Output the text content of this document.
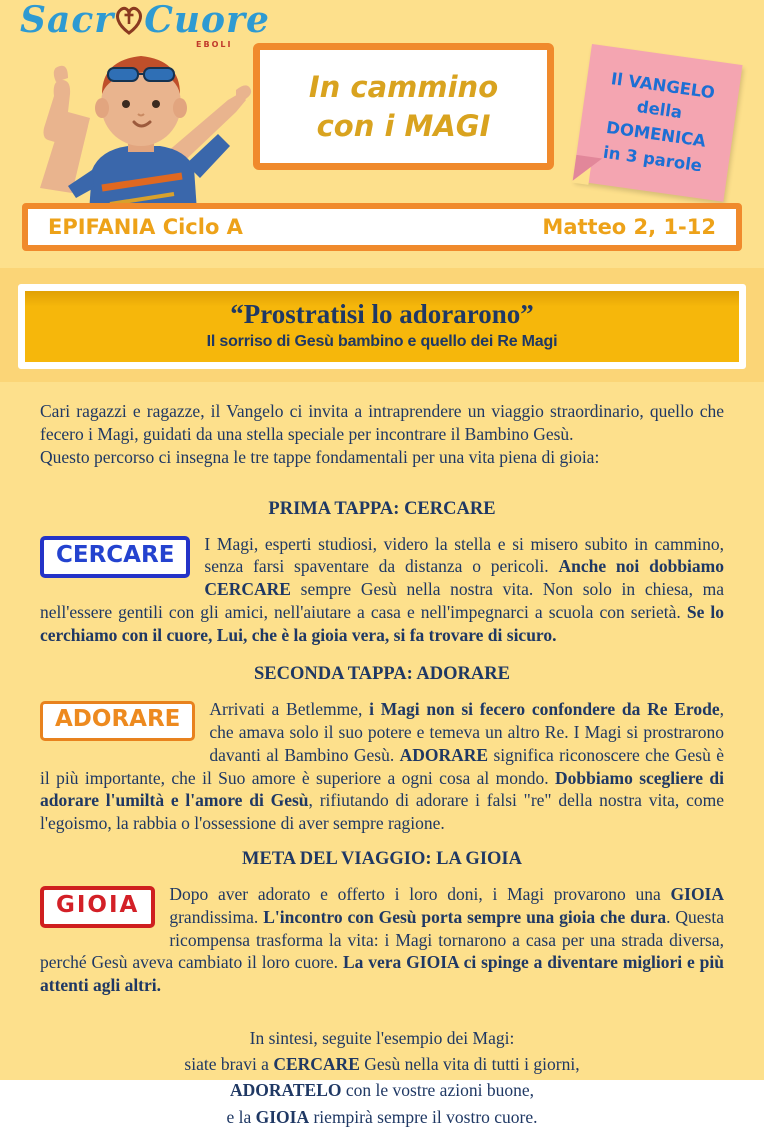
Sacr Cuore
EBOLI
In cammino
con i MAGI
Il VANGELO
della
DOMENICA
in 3 parole
EPIFANIA Ciclo A	Matteo 2, 1-12
“Prostratisi lo adorarono”
Il sorriso di Gesù bambino e quello dei Re Magi

Cari ragazzi e ragazze, il Vangelo ci invita a intraprendere un viaggio straordinario, quello che fecero i Magi, guidati da una stella speciale per incontrare il Bambino Gesù.

Questo percorso ci insegna le tre tappe fondamentali per una vita piena di gioia:

PRIMA TAPPA: CERCARE

CERCARE	I Magi, esperti studiosi, videro la stella e si misero subito in cammino, senza farsi spaventare da distanza o pericoli. Anche noi dobbiamo CERCARE sempre Gesù nella nostra vita. Non solo in chiesa, ma nell'essere gentili con gli amici, nell'aiutare a casa e nell'impegnarci a scuola con serietà. Se lo cerchiamo con il cuore, Lui, che è la gioia vera, si fa trovare di sicuro.

SECONDA TAPPA: ADORARE

ADORARE	Arrivati a Betlemme, i Magi non si fecero confondere da Re Erode, che amava solo il suo potere e temeva un altro Re. I Magi si prostrarono davanti al Bambino Gesù. ADORARE significa riconoscere che Gesù è il più importante, che il Suo amore è superiore a ogni cosa al mondo. Dobbiamo scegliere di adorare l'umiltà e l'amore di Gesù, rifiutando di adorare i falsi "re" della nostra vita, come l'egoismo, la rabbia o l'ossessione di aver sempre ragione.

META DEL VIAGGIO: LA GIOIA

GIOIA	Dopo aver adorato e offerto i loro doni, i Magi provarono una GIOIA grandissima. L'incontro con Gesù porta sempre una gioia che dura. Questa ricompensa trasforma la vita: i Magi tornarono a casa per una strada diversa, perché Gesù aveva cambiato il loro cuore. La vera GIOIA ci spinge a diventare migliori e più attenti agli altri.
In sintesi, seguite l'esempio dei Magi:
siate bravi a CERCARE Gesù nella vita di tutti i giorni,
ADORATELO con le vostre azioni buone,
e la GIOIA riempirà sempre il vostro cuore.
